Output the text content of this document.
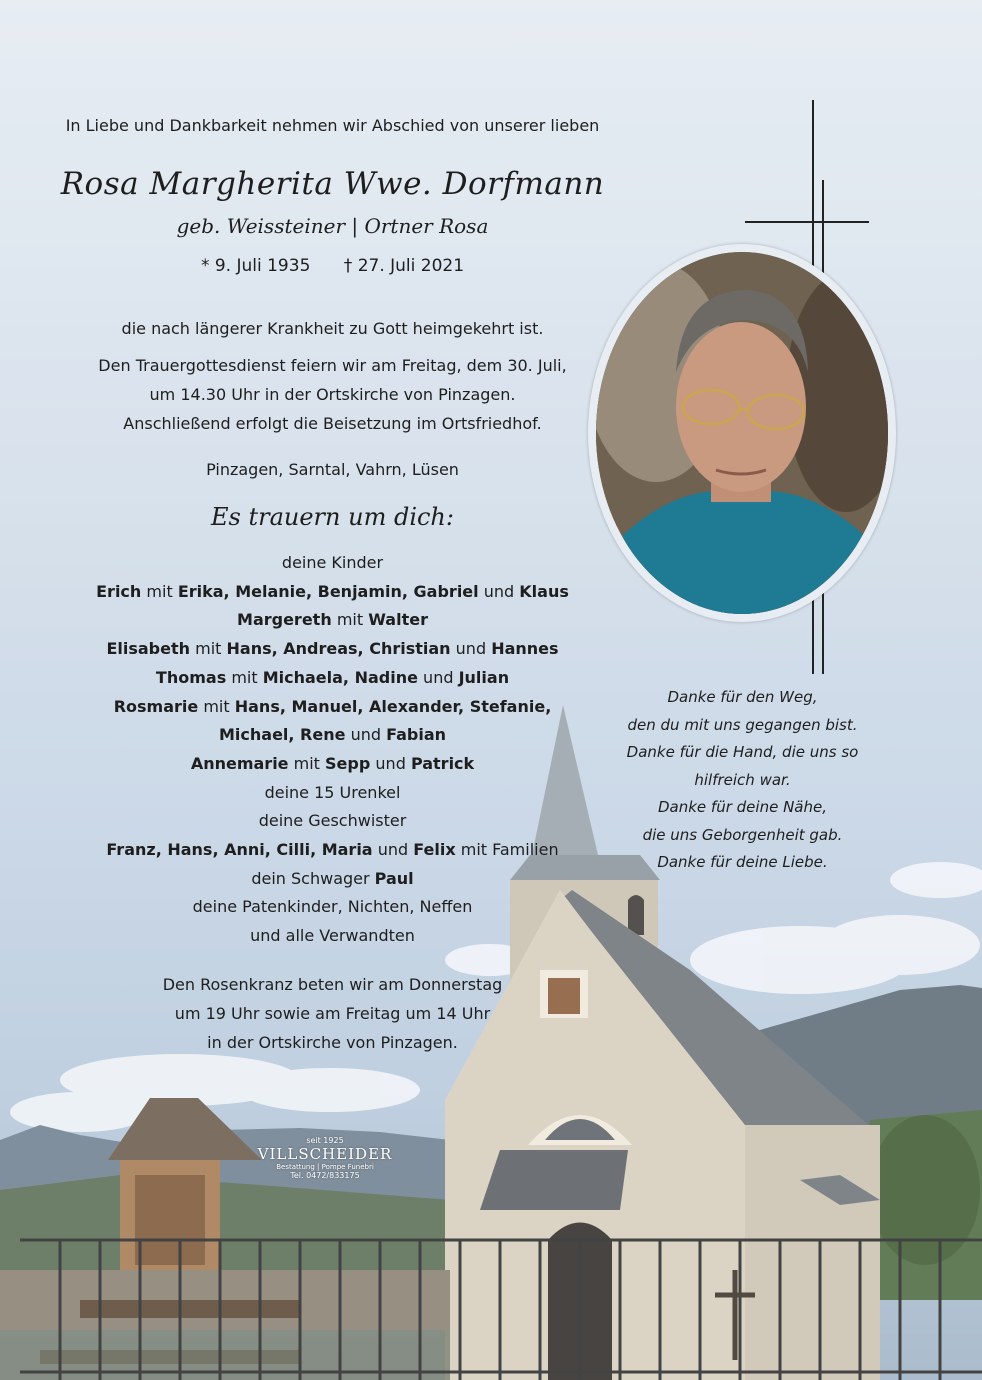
In Liebe und Dankbarkeit nehmen wir Abschied von unserer lieben
Rosa Margherita Wwe. Dorfmann
geb. Weissteiner | Ortner Rosa
* 9. Juli 1935 † 27. Juli 2021
die nach längerer Krankheit zu Gott heimgekehrt ist.
Den Trauergottesdienst feiern wir am Freitag, dem 30. Juli,
um 14.30 Uhr in der Ortskirche von Pinzagen.
Anschließend erfolgt die Beisetzung im Ortsfriedhof.
Pinzagen, Sarntal, Vahrn, Lüsen
Es trauern um dich:
deine Kinder
Erich mit Erika, Melanie, Benjamin, Gabriel und Klaus
Margereth mit Walter
Elisabeth mit Hans, Andreas, Christian und Hannes
Thomas mit Michaela, Nadine und Julian
Rosmarie mit Hans, Manuel, Alexander, Stefanie,
Michael, Rene und Fabian
Annemarie mit Sepp und Patrick
deine 15 Urenkel
deine Geschwister
Franz, Hans, Anni, Cilli, Maria und Felix mit Familien
dein Schwager Paul
deine Patenkinder, Nichten, Neffen
und alle Verwandten
Den Rosenkranz beten wir am Donnerstag
um 19 Uhr sowie am Freitag um 14 Uhr
in der Ortskirche von Pinzagen.
Danke für den Weg,
den du mit uns gegangen bist.
Danke für die Hand, die uns so
hilfreich war.
Danke für deine Nähe,
die uns Geborgenheit gab.
Danke für deine Liebe.
seit 1925
VILLSCHEIDER
Bestattung | Pompe Funebri
Tel. 0472/833175
